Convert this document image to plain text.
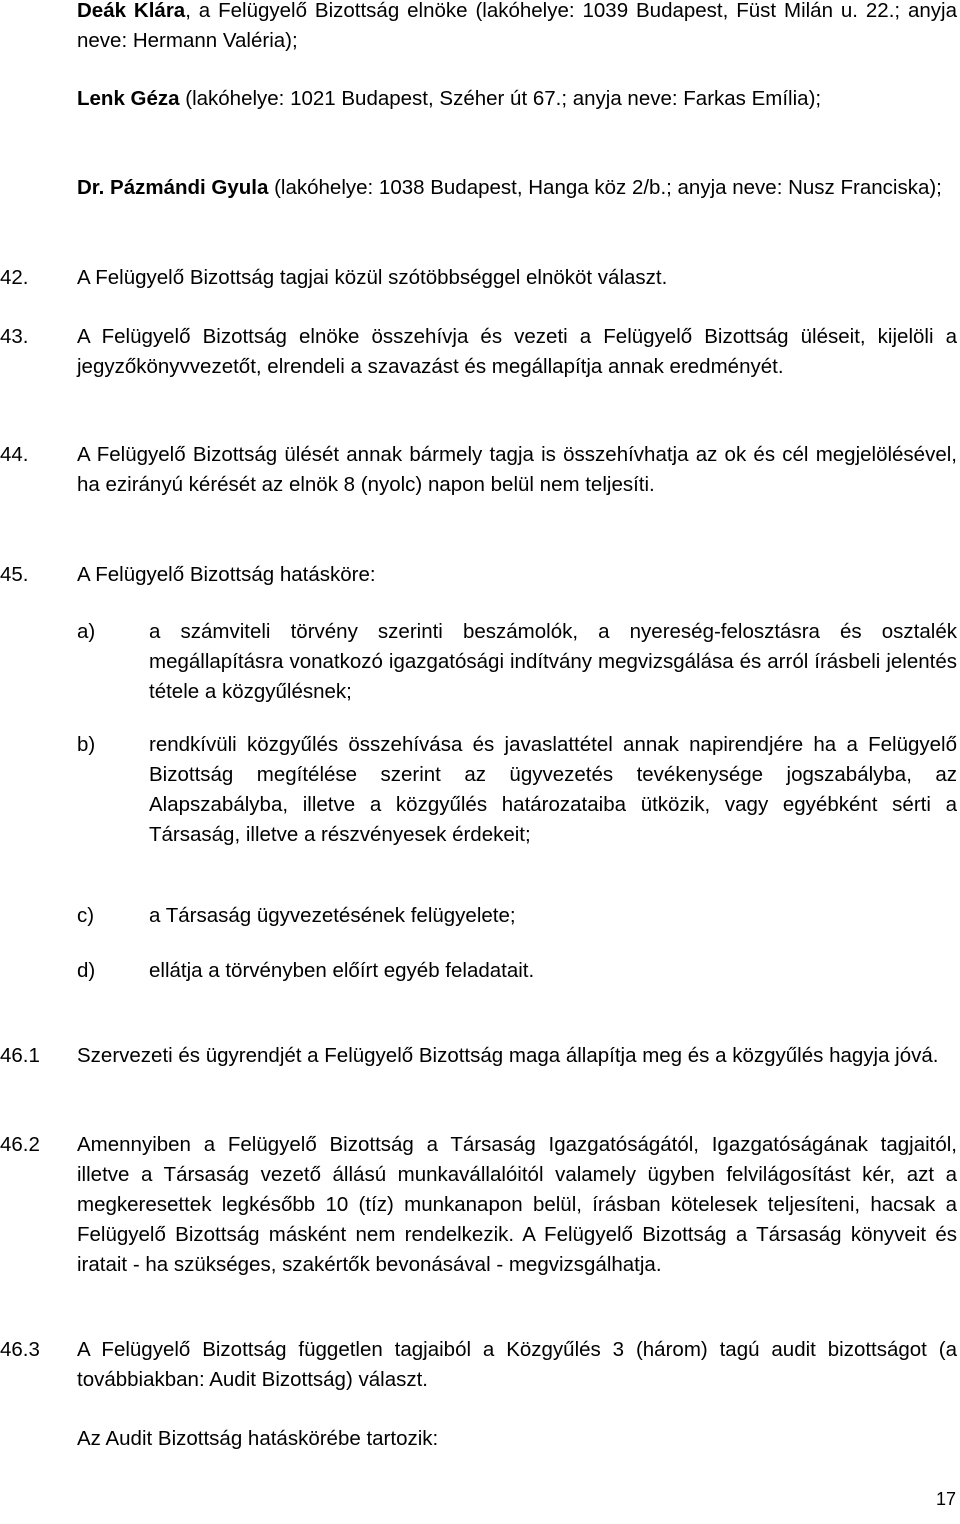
Deák Klára, a Felügyelő Bizottság elnöke (lakóhelye: 1039 Budapest, Füst Milán u. 22.; anyja neve: Hermann Valéria);
Lenk Géza (lakóhelye: 1021 Budapest, Széher út 67.; anyja neve: Farkas Emília);
Dr. Pázmándi Gyula (lakóhelye: 1038 Budapest, Hanga köz 2/b.; anyja neve: Nusz Franciska);
42. A Felügyelő Bizottság tagjai közül szótöbbséggel elnököt választ.
43. A Felügyelő Bizottság elnöke összehívja és vezeti a Felügyelő Bizottság üléseit, kijelöli a jegyzőkönyvvezetőt, elrendeli a szavazást és megállapítja annak eredményét.
44. A Felügyelő Bizottság ülését annak bármely tagja is összehívhatja az ok és cél megjelölésével, ha ezirányú kérését az elnök 8 (nyolc) napon belül nem teljesíti.
45. A Felügyelő Bizottság hatásköre:
a)	a számviteli törvény szerinti beszámolók, a nyereség-felosztásra és osztalék megállapításra vonatkozó igazgatósági indítvány megvizsgálása és arról írásbeli jelentés tétele a közgyűlésnek;
b)	rendkívüli közgyűlés összehívása és javaslattétel annak napirendjére ha a Felügyelő Bizottság megítélése szerint az ügyvezetés tevékenysége jogszabályba, az Alapszabályba, illetve a közgyűlés határozataiba ütközik, vagy egyébként sérti a Társaság, illetve a részvényesek érdekeit;
c)	a Társaság ügyvezetésének felügyelete;
d)	ellátja a törvényben előírt egyéb feladatait.
46.1 Szervezeti és ügyrendjét a Felügyelő Bizottság maga állapítja meg és a közgyűlés hagyja jóvá.
46.2 Amennyiben a Felügyelő Bizottság a Társaság Igazgatóságától, Igazgatóságának tagjaitól, illetve a Társaság vezető állású munkavállalóitól valamely ügyben felvilágosítást kér, azt a megkeresettek legkésőbb 10 (tíz) munkanapon belül, írásban kötelesek teljesíteni, hacsak a Felügyelő Bizottság másként nem rendelkezik. A Felügyelő Bizottság a Társaság könyveit és iratait - ha szükséges, szakértők bevonásával - megvizsgálhatja.
46.3 A Felügyelő Bizottság független tagjaiból a Közgyűlés 3 (három) tagú audit bizottságot (a továbbiakban: Audit Bizottság) választ.
Az Audit Bizottság hatáskörébe tartozik:
17
